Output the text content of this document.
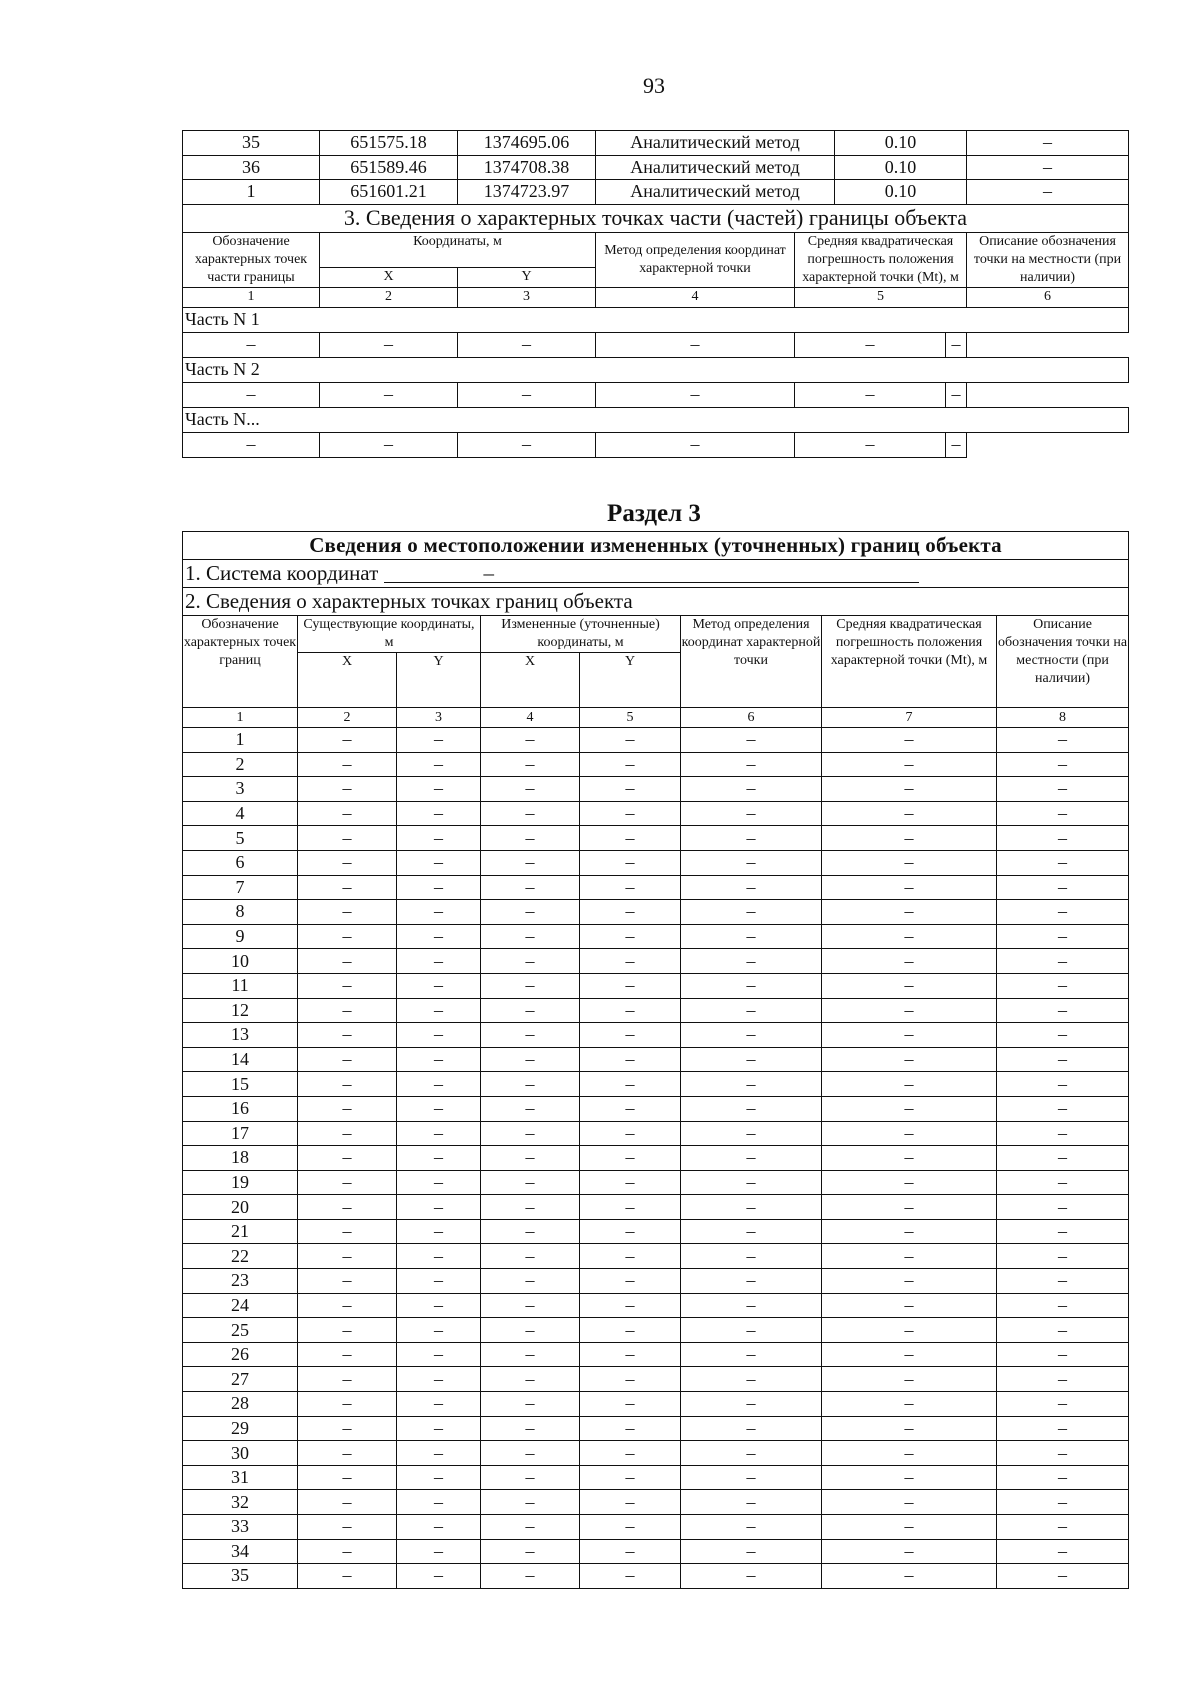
93
35	651575.18	1374695.06	Аналитический метод		0.10		–
36	651589.46	1374708.38	Аналитический метод		0.10		–
1	651601.21	1374723.97	Аналитический метод		0.10		–
3. Сведения о характерных точках части (частей) границы объекта							
Обозначение характерных точек части границы	Координаты, м		Метод определения координат характерной точки	Средняя квадратическая погрешность положения характерной точки (Mt), м			Описание обозначения точки на местности (при наличии)
	X	Y					
1	2	3	4	5			6
Часть N 1							
–	–	–	–	–		–	
Часть N 2							
–	–	–	–	–		–	
Часть N...							
–	–	–	–	–		–	
Раздел 3
Сведения о местоположении измененных (уточненных) границ объекта							
1. Система координат –							
2. Сведения о характерных точках границ объекта							
Обозначение характерных точек границ	Существующие координаты, м		Измененные (уточненные) координаты, м		Метод определения координат характерной точки	Средняя квадратическая погрешность положения характерной точки (Mt), м	Описание обозначения точки на местности (при наличии)
	X	Y	X	Y			
1	2	3	4	5	6	7	8
1	–	–	–	–	–	–	–
2	–	–	–	–	–	–	–
3	–	–	–	–	–	–	–
4	–	–	–	–	–	–	–
5	–	–	–	–	–	–	–
6	–	–	–	–	–	–	–
7	–	–	–	–	–	–	–
8	–	–	–	–	–	–	–
9	–	–	–	–	–	–	–
10	–	–	–	–	–	–	–
11	–	–	–	–	–	–	–
12	–	–	–	–	–	–	–
13	–	–	–	–	–	–	–
14	–	–	–	–	–	–	–
15	–	–	–	–	–	–	–
16	–	–	–	–	–	–	–
17	–	–	–	–	–	–	–
18	–	–	–	–	–	–	–
19	–	–	–	–	–	–	–
20	–	–	–	–	–	–	–
21	–	–	–	–	–	–	–
22	–	–	–	–	–	–	–
23	–	–	–	–	–	–	–
24	–	–	–	–	–	–	–
25	–	–	–	–	–	–	–
26	–	–	–	–	–	–	–
27	–	–	–	–	–	–	–
28	–	–	–	–	–	–	–
29	–	–	–	–	–	–	–
30	–	–	–	–	–	–	–
31	–	–	–	–	–	–	–
32	–	–	–	–	–	–	–
33	–	–	–	–	–	–	–
34	–	–	–	–	–	–	–
35	–	–	–	–	–	–	–
